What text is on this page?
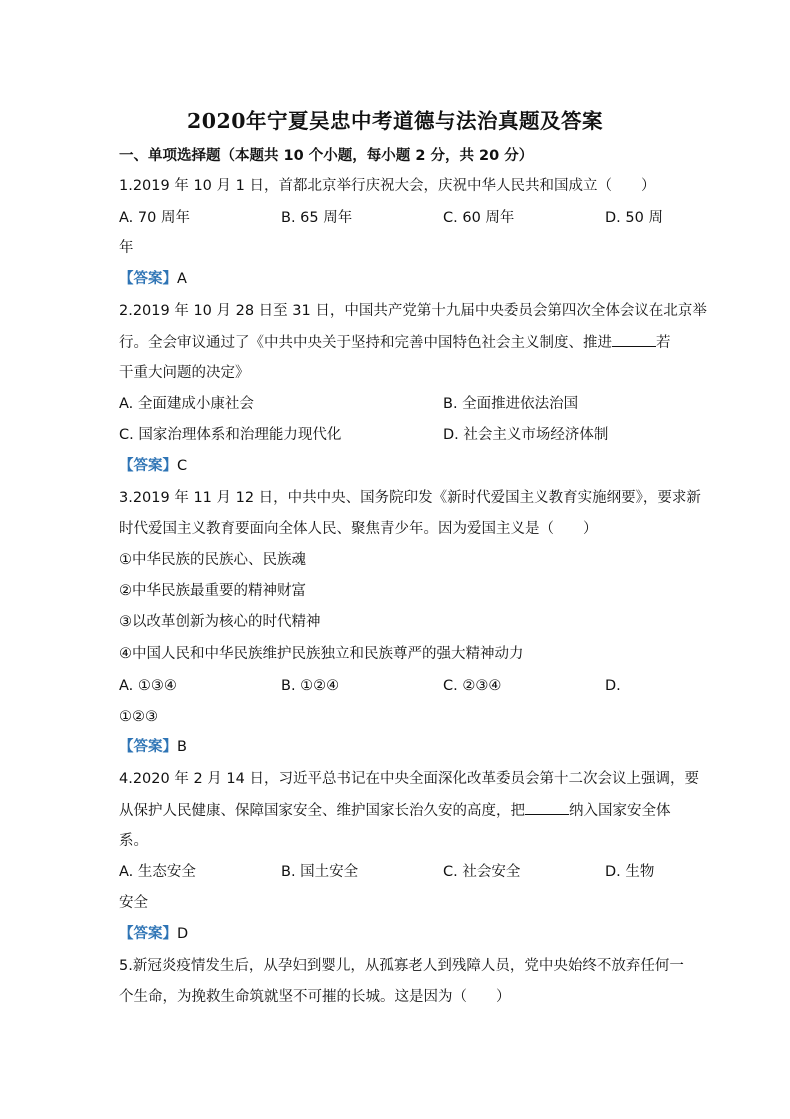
2020年宁夏吴忠中考道德与法治真题及答案
一、单项选择题（本题共 10 个小题，每小题 2 分，共 20 分）
1.2019 年 10 月 1 日，首都北京举行庆祝大会，庆祝中华人民共和国成立（　　）
A. 70 周年	B. 65 周年	C. 60 周年	D. 50 周
年
【答案】A
2.2019 年 10 月 28 日至 31 日，中国共产党第十九届中央委员会第四次全体会议在北京举
行。全会审议通过了《中共中央关于坚持和完善中国特色社会主义制度、推进	若
干重大问题的决定》
A. 全面建成小康社会	B. 全面推进依法治国
C. 国家治理体系和治理能力现代化	D. 社会主义市场经济体制
【答案】C
3.2019 年 11 月 12 日，中共中央、国务院印发《新时代爱国主义教育实施纲要》，要求新
时代爱国主义教育要面向全体人民、聚焦青少年。因为爱国主义是（　　）
①中华民族的民族心、民族魂
②中华民族最重要的精神财富
③以改革创新为核心的时代精神
④中国人民和中华民族维护民族独立和民族尊严的强大精神动力
A. ①③④	B. ①②④	C. ②③④	D.
①②③
【答案】B
4.2020 年 2 月 14 日，习近平总书记在中央全面深化改革委员会第十二次会议上强调，要
从保护人民健康、保障国家安全、维护国家长治久安的高度，把	纳入国家安全体
系。
A. 生态安全	B. 国土安全	C. 社会安全	D. 生物
安全
【答案】D
5.新冠炎疫情发生后，从孕妇到婴儿，从孤寡老人到残障人员，党中央始终不放弃任何一
个生命，为挽救生命筑就坚不可摧的长城。这是因为（　　）
